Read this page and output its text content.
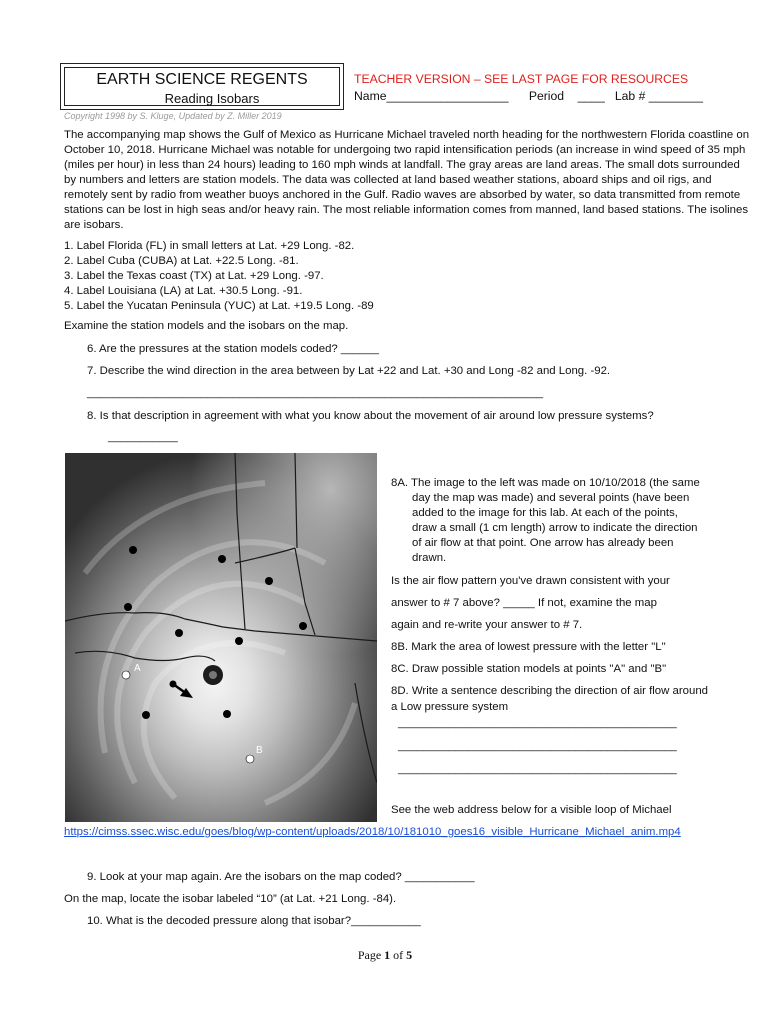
EARTH SCIENCE REGENTS
Reading Isobars
TEACHER VERSION – SEE LAST PAGE FOR RESOURCES
Name__________________      Period    ____   Lab # ________
Copyright 1998 by S. Kluge, Updated by Z. Miller 2019
The accompanying map shows the Gulf of Mexico as Hurricane Michael traveled north heading for the northwestern Florida coastline on October 10, 2018. Hurricane Michael was notable for undergoing two rapid intensification periods (an increase in wind speed of 35 mph (miles per hour) in less than 24 hours) leading to 160 mph winds at landfall. The gray areas are land areas. The small dots surrounded by numbers and letters are station models. The data was collected at land based weather stations, aboard ships and oil rigs, and remotely sent by radio from weather buoys anchored in the Gulf. Radio waves are absorbed by water, so data transmitted from remote stations can be lost in high seas and/or heavy rain. The most reliable information comes from manned, land based stations. The isolines are isobars.
1. Label Florida (FL) in small letters at Lat. +29 Long. -82.
2. Label Cuba (CUBA) at Lat. +22.5 Long. -81.
3. Label the Texas coast (TX) at Lat. +29 Long. -97.
4. Label Louisiana (LA) at Lat. +30.5 Long. -91.
5. Label the Yucatan Peninsula (YUC) at Lat. +19.5 Long. -89
Examine the station models and the isobars on the map.
6. Are the pressures at the station models coded? ______
7. Describe the wind direction in the area between by Lat +22 and Lat. +30 and Long -82 and Long. -92.
________________________________________________________________________
8. Is that description in agreement with what you know about the movement of air around low pressure systems?
___________
A
B
8A. The image to the left was made on 10/10/2018 (the same
day the map was made) and several points (have been
added to the image for this lab. At each of the points,
draw a small (1 cm length) arrow to indicate the direction
of air flow at that point. One arrow has already been
drawn.
Is the air flow pattern you've drawn consistent with your
answer to # 7 above? _____ If not, examine the map
again and re-write your answer to # 7.
8B. Mark the area of lowest pressure with the letter "L"
8C. Draw possible station models at points "A" and "B"
8D. Write a sentence describing the direction of air flow around
a Low pressure system
____________________________________________
____________________________________________
____________________________________________
See the web address below for a visible loop of Michael
https://cimss.ssec.wisc.edu/goes/blog/wp-content/uploads/2018/10/181010_goes16_visible_Hurricane_Michael_anim.mp4
9. Look at your map again. Are the isobars on the map coded? ___________
On the map, locate the isobar labeled “10” (at Lat. +21 Long. -84).
10. What is the decoded pressure along that isobar?___________
Page 1 of 5
